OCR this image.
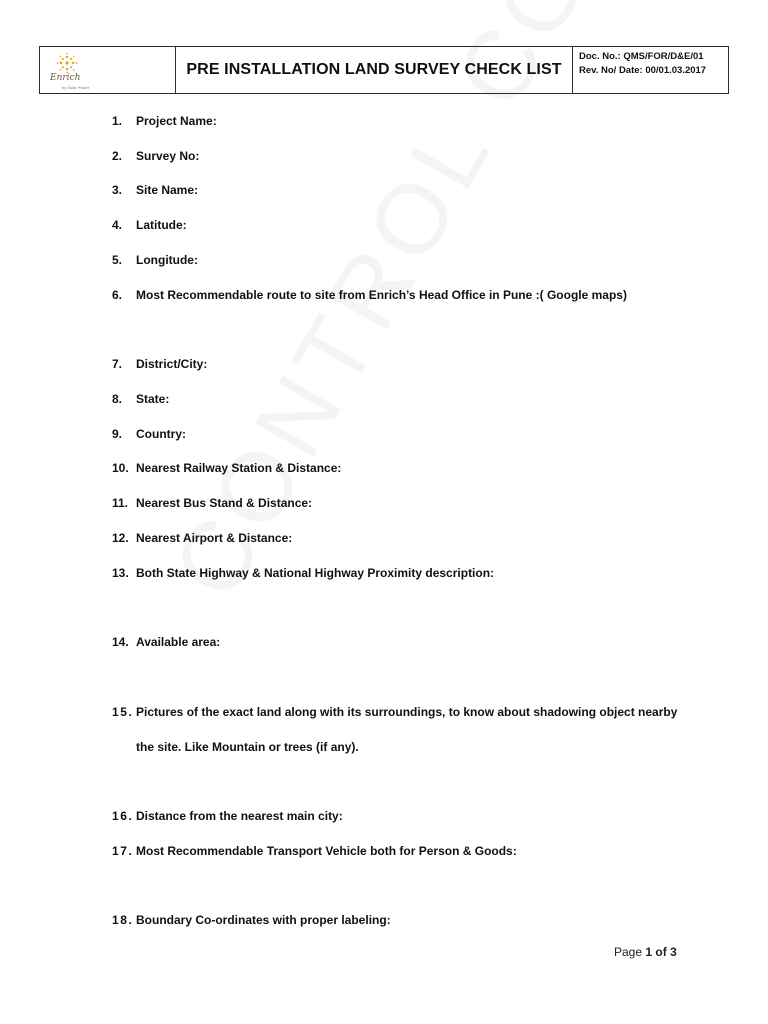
Enrich
by Solar Power
PRE INSTALLATION LAND SURVEY CHECK LIST
Doc. No.: QMS/FOR/D&E/01
Rev. No/ Date: 00/01.03.2017
1. Project Name:
2. Survey No:
3. Site Name:
4. Latitude:
5. Longitude:
6. Most Recommendable route to site from Enrich’s Head Office in Pune :( Google maps)
7. District/City:
8. State:
9. Country:
10. Nearest Railway Station & Distance:
11. Nearest Bus Stand & Distance:
12. Nearest Airport & Distance:
13. Both State Highway & National Highway Proximity description:
14. Available area:
15. Pictures of the exact land along with its surroundings, to know about shadowing object nearby
the site. Like Mountain or trees (if any).
16. Distance from the nearest main city:
17. Most Recommendable Transport Vehicle both for Person & Goods:
18. Boundary Co-ordinates with proper labeling:
Page 1 of 3
